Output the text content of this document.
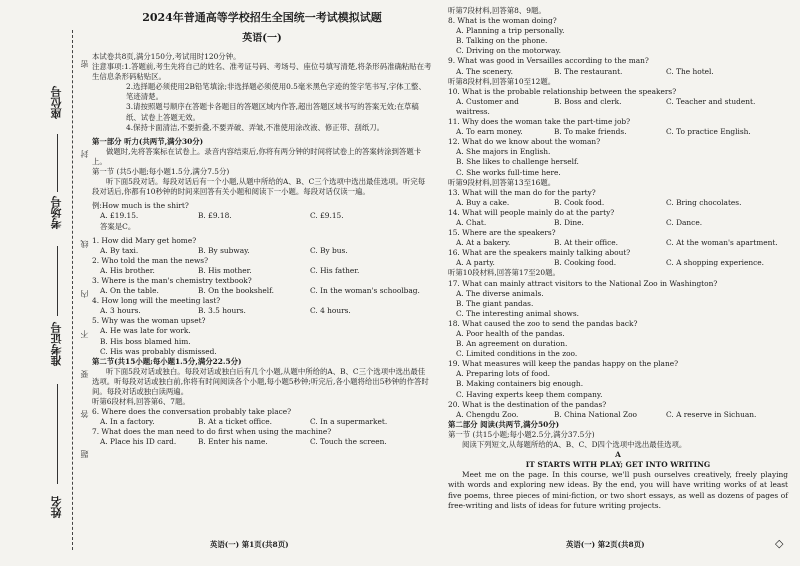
座位号
考场号
准考证号
姓名
密
封
线
内
不
要
答
题
2024年普通高等学校招生全国统一考试模拟试题
英语(一)

本试卷共8页,满分150分,考试用时120分钟。

注意事项:1.答题前,考生先将自己的姓名、准考证号码、考场号、座位号填写清楚,将条形码准确粘贴在考生信息条形码粘贴区。

2.选择题必须使用2B铅笔填涂;非选择题必须使用0.5毫米黑色字迹的签字笔书写,字体工整、笔迹清楚。

3.请按照题号顺序在答题卡各题目的答题区域内作答,超出答题区域书写的答案无效;在草稿纸、试卷上答题无效。

4.保持卡面清洁,不要折叠,不要弄破、弄皱,不准使用涂改液、修正带、刮纸刀。

第一部分 听力(共两节,满分30分)

做题时,先将答案标在试卷上。录音内容结束后,你将有两分钟的时间将试卷上的答案转涂到答题卡上。

第一节 (共5小题;每小题1.5分,满分7.5分)

听下面5段对话。每段对话后有一个小题,从题中所给的A、B、C三个选项中选出最佳选项。听完每段对话后,你都有10秒钟的时间来回答有关小题和阅读下一小题。每段对话仅读一遍。

例:How much is the shirt?

A. £19.15.	B. £9.18.	C. £9.15.

答案是C。

1. How did Mary get home?

A. By taxi.	B. By subway.	C. By bus.

2. Who told the man the news?

A. His brother.	B. His mother.	C. His father.

3. Where is the man's chemistry textbook?

A. On the table.	B. On the bookshelf.	C. In the woman's schoolbag.

4. How long will the meeting last?

A. 3 hours.	B. 3.5 hours.	C. 4 hours.

5. Why was the woman upset?

A. He was late for work.

B. His boss blamed him.

C. His was probably dismissed.

第二节(共15小题;每小题1.5分,满分22.5分)

听下面5段对话或独白。每段对话或独白后有几个小题,从题中所给的A、B、C三个选项中选出最佳选项。听每段对话或独白前,你将有时间阅读各个小题,每小题5秒钟;听完后,各小题将给出5秒钟的作答时间。每段对话或独白读两遍。

听第6段材料,回答第6、7题。

6. Where does the conversation probably take place?

A. In a factory.	B. At a ticket office.	C. In a supermarket.

7. What does the man need to do first when using the machine?

A. Place his ID card.	B. Enter his name.	C. Touch the screen.

听第7段材料,回答第8、9题。

8. What is the woman doing?

A. Planning a trip personally.

B. Talking on the phone.

C. Driving on the motorway.

9. What was good in Versailles according to the man?

A. The scenery.	B. The restaurant.	C. The hotel.

听第8段材料,回答第10至12题。

10. What is the probable relationship between the speakers?

A. Customer and waitress.
B. Boss and clerk.	C. Teacher and student.

11. Why does the woman take the part-time job?

A. To earn money.	B. To make friends.	C. To practice English.

12. What do we know about the woman?

A. She majors in English.

B. She likes to challenge herself.

C. She works full-time here.

听第9段材料,回答第13至16题。

13. What will the man do for the party?

A. Buy a cake.	B. Cook food.	C. Bring chocolates.

14. What will people mainly do at the party?

A. Chat.	B. Dine.	C. Dance.

15. Where are the speakers?

A. At a bakery.	B. At their office.	C. At the woman's apartment.

16. What are the speakers mainly talking about?

A. A party.	B. Cooking food.	C. A shopping experience.

听第10段材料,回答第17至20题。

17. What can mainly attract visitors to the National Zoo in Washington?

A. The diverse animals.

B. The giant pandas.

C. The interesting animal shows.

18. What caused the zoo to send the pandas back?

A. Poor health of the pandas.

B. An agreement on duration.

C. Limited conditions in the zoo.

19. What measures will keep the pandas happy on the plane?

A. Preparing lots of food.

B. Making containers big enough.

C. Having experts keep them company.

20. What is the destination of the pandas?

A. Chengdu Zoo.	B. China National Zoo	C. A reserve in Sichuan.

第二部分 阅读(共两节,满分50分)

第一节 (共15小题;每小题2.5分,满分37.5分)

阅读下列短文,从每题所给的A、B、C、D四个选项中选出最佳选项。

A

IT STARTS WITH PLAY; GET INTO WRITING

Meet me on the page. In this course, we'll push ourselves creatively, freely playing with words and exploring new ideas. By the end, you will have writing works of at least five poems, three pieces of mini-fiction, or two short essays, as well as dozens of pages of free-writing and lists of ideas for future writing projects.

英语(一) 第1页(共8页)	英语(一) 第2页(共8页)	◇
